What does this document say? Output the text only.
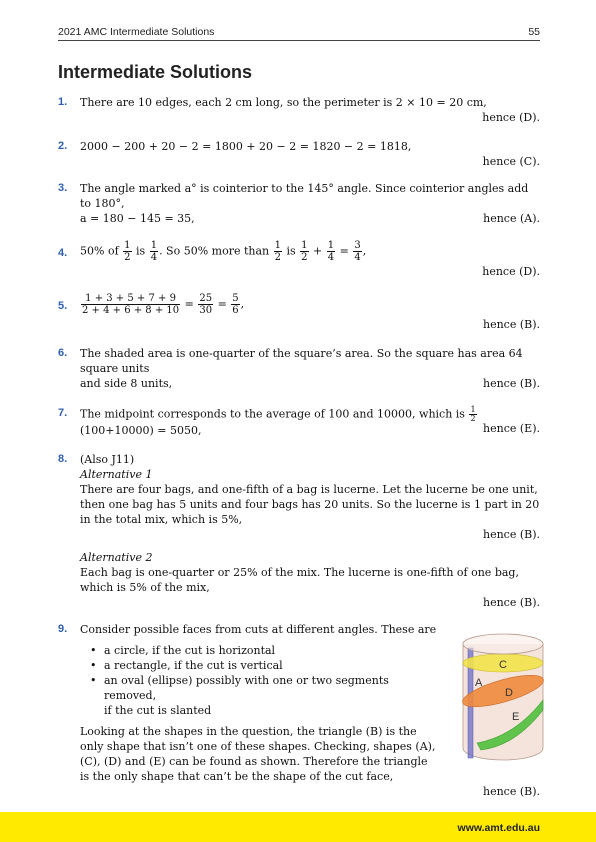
2021 AMC Intermediate Solutions	55
Intermediate Solutions
1. There are 10 edges, each 2 cm long, so the perimeter is 2 × 10 = 20 cm,
hence (D).
2. 2000 − 200 + 20 − 2 = 1800 + 20 − 2 = 1820 − 2 = 1818,
hence (C).
3. The angle marked a° is cointerior to the 145° angle. Since cointerior angles add to 180°,
a = 180 − 145 = 35,	hence (A).
4. 50% of $\frac{1}{2}$ is $\frac{1}{4}$ . So 50% more than $\frac{1}{2}$ is $\frac{1}{2} + \frac{1}{4} = \frac{3}{4}$ ,
hence (D).
5. $\frac{1 + 3 + 5 + 7 + 9}{2 + 4 + 6 + 8 + 10} = \frac{25}{30} = \frac{5}{6}$ ,
hence (B).
6. The shaded area is one-quarter of the square’s area. So the square has area 64 square units
and side 8 units,	hence (B).
7. The midpoint corresponds to the average of 100 and 10000, which is $\frac{1}{2}$
(100+10000) = 5050,	hence (E).
8. (Also J11)
Alternative 1
There are four bags, and one-fifth of a bag is lucerne. Let the lucerne be one unit, then one bag has 5 units and four bags has 20 units. So the lucerne is 1 part in 20 in the total mix, which is 5%,
hence (B).
Alternative 2
Each bag is one-quarter or 25% of the mix. The lucerne is one-fifth of one bag, which is 5% of the mix,
hence (B).
9. Consider possible faces from cuts at different angles. These are
• a circle, if the cut is horizontal
• a rectangle, if the cut is vertical
• an oval (ellipse) possibly with one or two segments removed,
if the cut is slanted
Looking at the shapes in the question, the triangle (B) is the only shape that isn’t one of these shapes. Checking, shapes (A), (C), (D) and (E) can be found as shown. Therefore the triangle is the only shape that can’t be the shape of the cut face,
hence (B).
C
A
D
E
www.amt.edu.au
